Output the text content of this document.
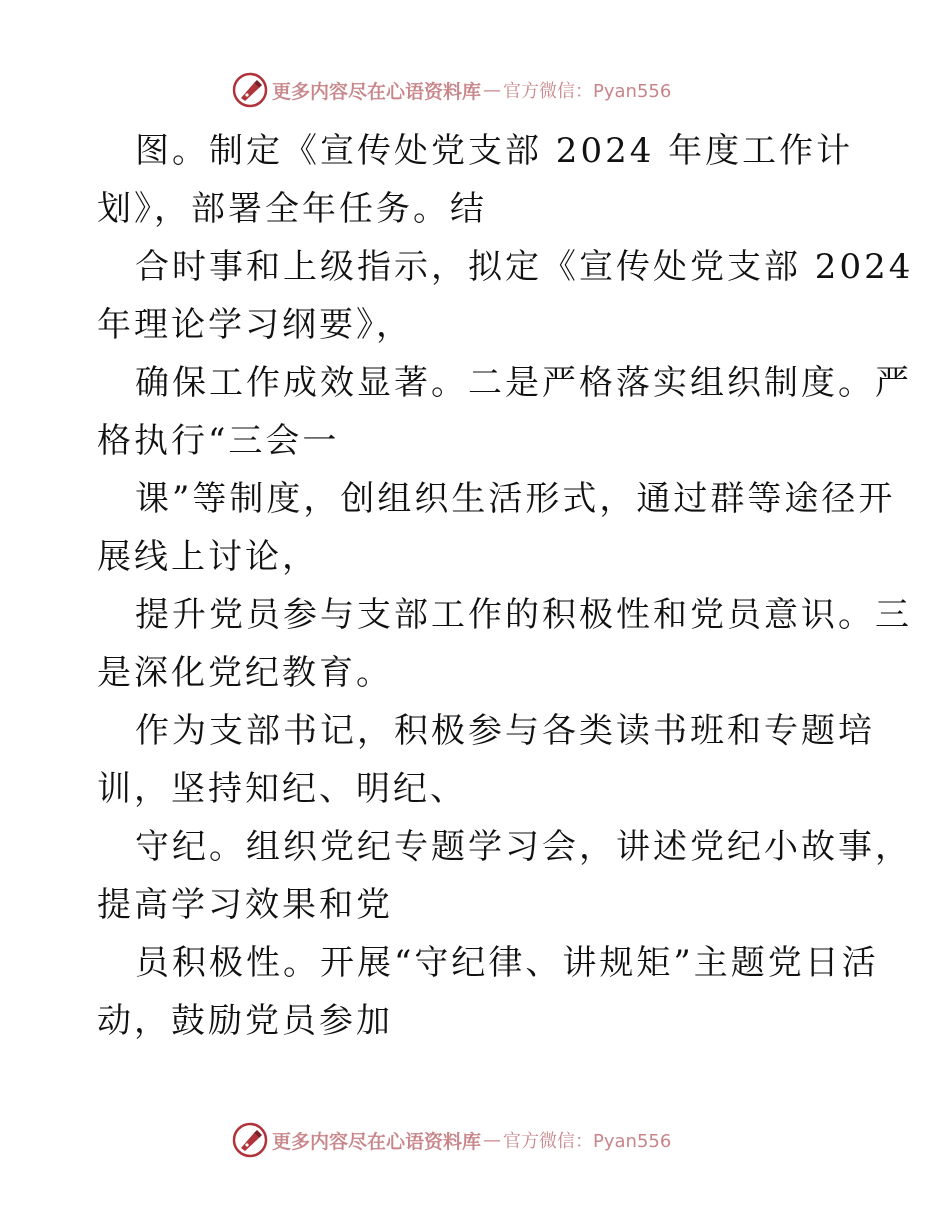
更多内容尽在心语资料库 — 官方微信：Pyan556
图。制定《宣传处党支部 2024 年度工作计
划》，部署全年任务。结
合时事和上级指示，拟定《宣传处党支部 2024
年理论学习纲要》，
确保工作成效显著。二是严格落实组织制度。严
格执行“三会一
课”等制度，创组织生活形式，通过群等途径开
展线上讨论，
提升党员参与支部工作的积极性和党员意识。三
是深化党纪教育。
作为支部书记，积极参与各类读书班和专题培
训，坚持知纪、明纪、
守纪。组织党纪专题学习会，讲述党纪小故事，
提高学习效果和党
员积极性。开展“守纪律、讲规矩”主题党日活
动，鼓励党员参加
更多内容尽在心语资料库 — 官方微信：Pyan556
